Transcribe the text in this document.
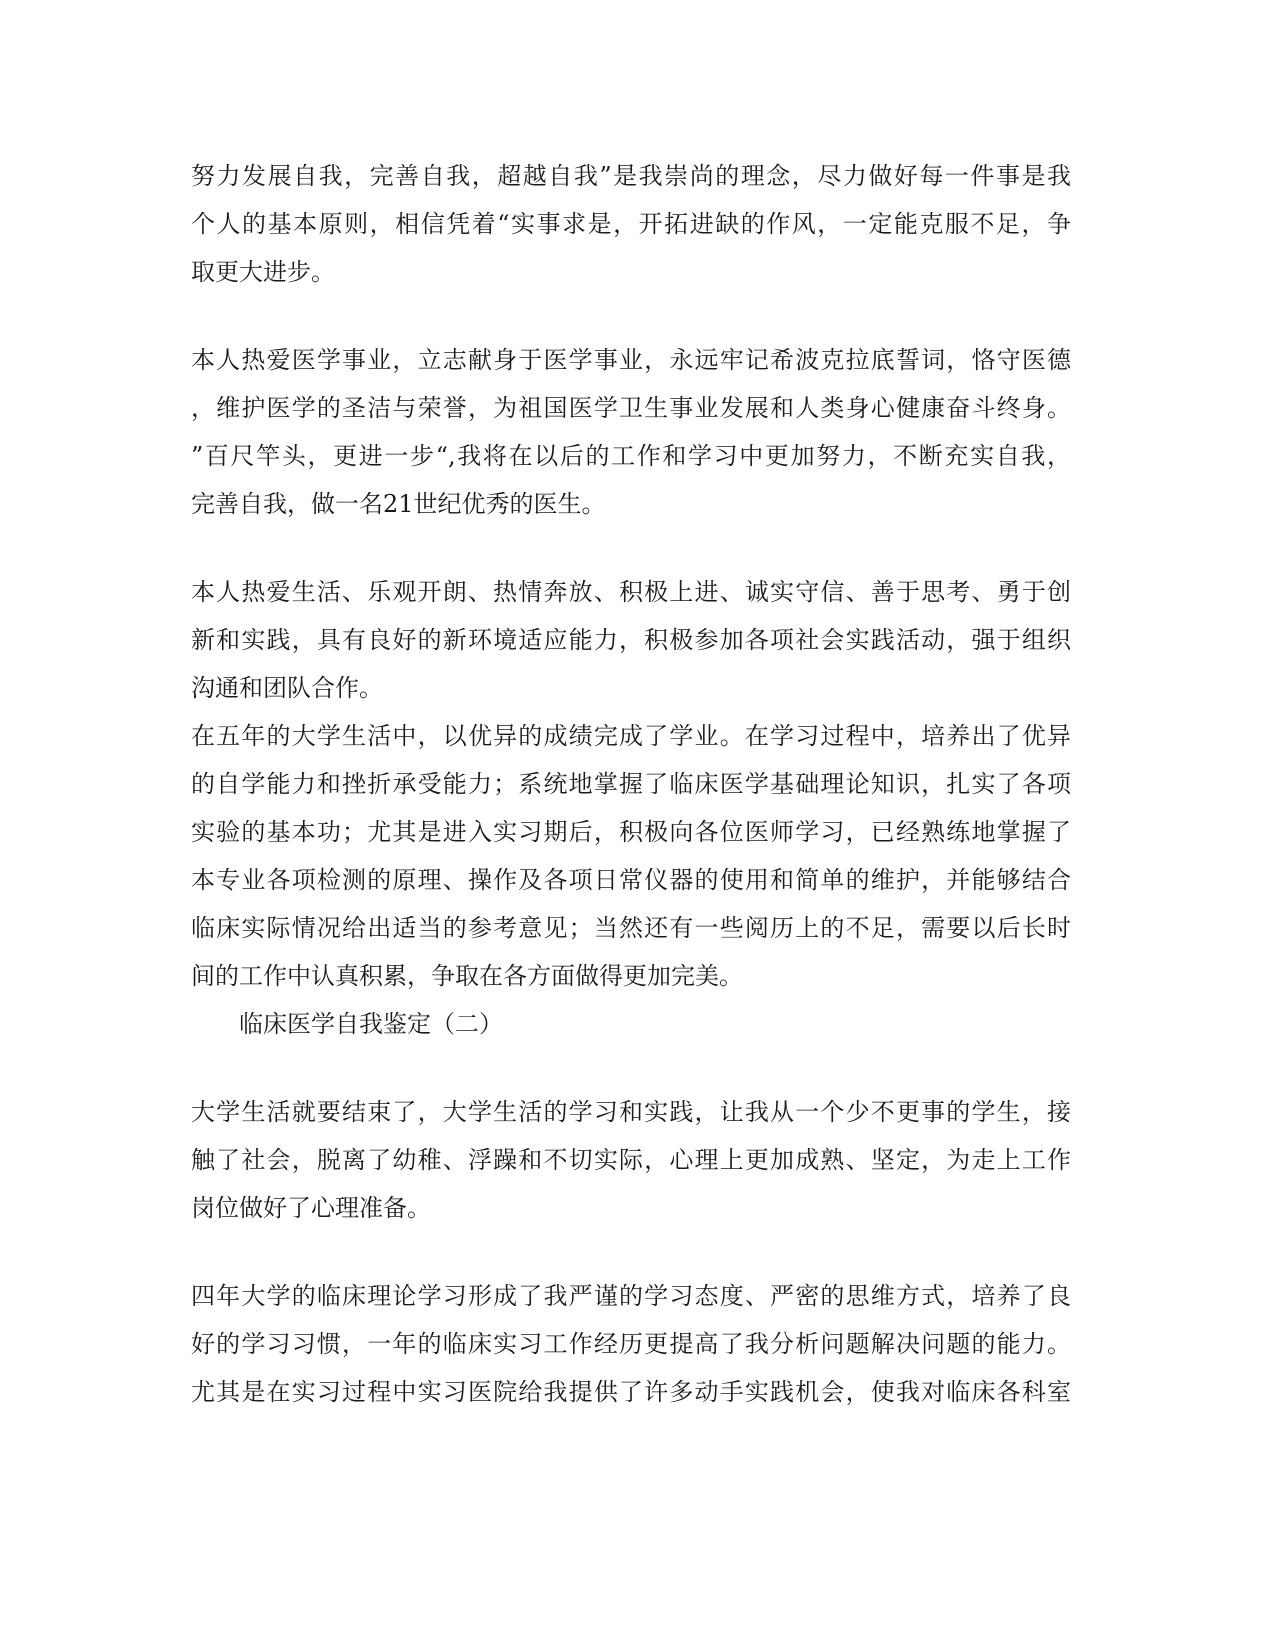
努力发展自我，完善自我，超越自我”是我崇尚的理念，尽力做好每一件事是我
个人的基本原则，相信凭着“实事求是，开拓进缺的作风，一定能克服不足，争
取更大进步。
本人热爱医学事业，立志献身于医学事业，永远牢记希波克拉底誓词，恪守医德
，维护医学的圣洁与荣誉，为祖国医学卫生事业发展和人类身心健康奋斗终身。
”百尺竿头，更进一步“,我将在以后的工作和学习中更加努力，不断充实自我，
完善自我，做一名21世纪优秀的医生。
本人热爱生活、乐观开朗、热情奔放、积极上进、诚实守信、善于思考、勇于创
新和实践，具有良好的新环境适应能力，积极参加各项社会实践活动，强于组织
沟通和团队合作。
在五年的大学生活中，以优异的成绩完成了学业。在学习过程中，培养出了优异
的自学能力和挫折承受能力；系统地掌握了临床医学基础理论知识，扎实了各项
实验的基本功；尤其是进入实习期后，积极向各位医师学习，已经熟练地掌握了
本专业各项检测的原理、操作及各项日常仪器的使用和简单的维护，并能够结合
临床实际情况给出适当的参考意见；当然还有一些阅历上的不足，需要以后长时
间的工作中认真积累，争取在各方面做得更加完美。
临床医学自我鉴定（二）
大学生活就要结束了，大学生活的学习和实践，让我从一个少不更事的学生，接
触了社会，脱离了幼稚、浮躁和不切实际，心理上更加成熟、坚定，为走上工作
岗位做好了心理准备。
四年大学的临床理论学习形成了我严谨的学习态度、严密的思维方式，培养了良
好的学习习惯，一年的临床实习工作经历更提高了我分析问题解决问题的能力。
尤其是在实习过程中实习医院给我提供了许多动手实践机会，使我对临床各科室
